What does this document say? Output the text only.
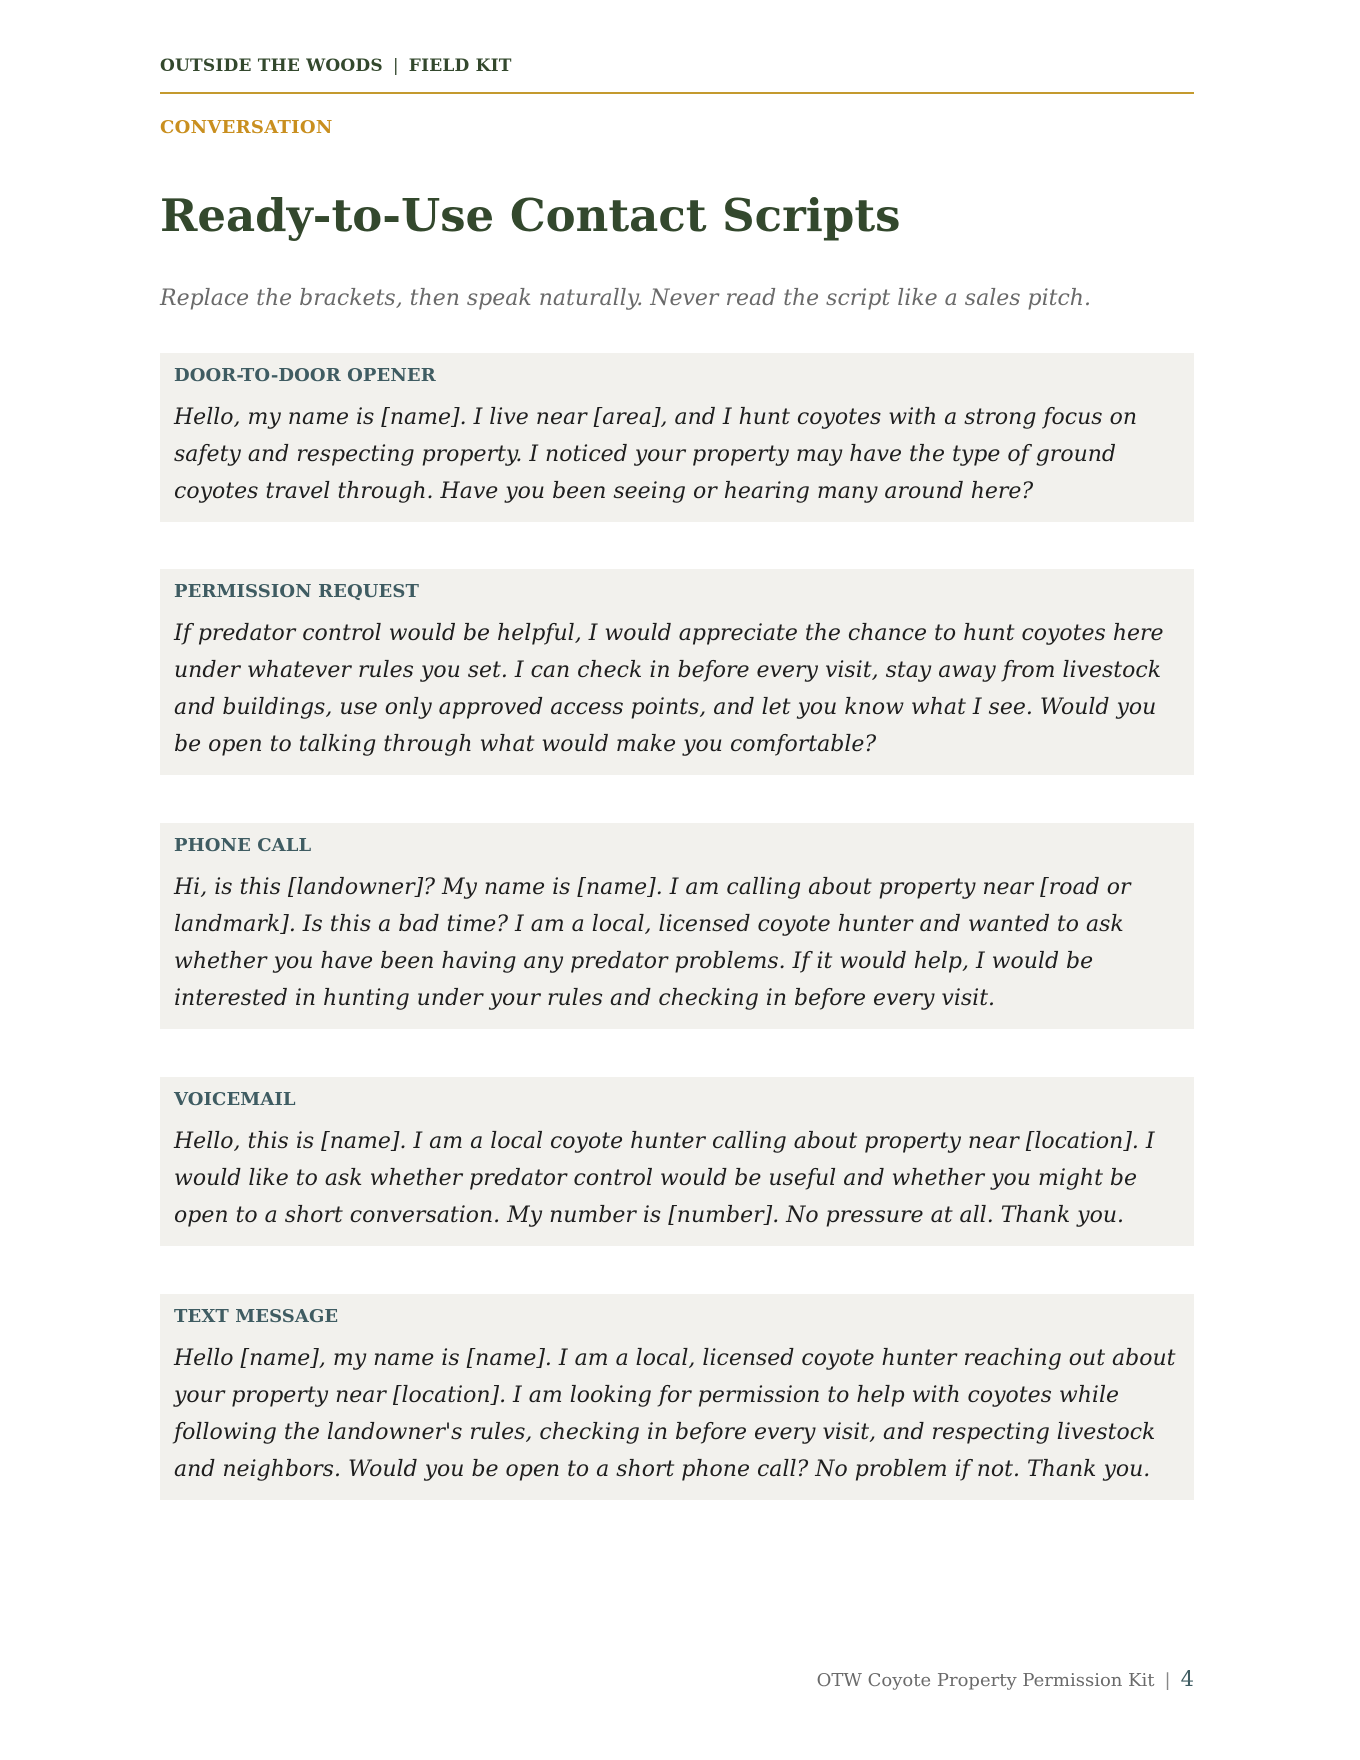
OUTSIDE THE WOODS | FIELD KIT
CONVERSATION
Ready-to-Use Contact Scripts

Replace the brackets, then speak naturally. Never read the script like a sales pitch.

DOOR-TO-DOOR OPENER
Hello, my name is [name]. I live near [area], and I hunt coyotes with a strong focus on safety and respecting property. I noticed your property may have the type of ground coyotes travel through. Have you been seeing or hearing many around here?
PERMISSION REQUEST
If predator control would be helpful, I would appreciate the chance to hunt coyotes here under whatever rules you set. I can check in before every visit, stay away from livestock and buildings, use only approved access points, and let you know what I see. Would you be open to talking through what would make you comfortable?
PHONE CALL
Hi, is this [landowner]? My name is [name]. I am calling about property near [road or landmark]. Is this a bad time? I am a local, licensed coyote hunter and wanted to ask whether you have been having any predator problems. If it would help, I would be interested in hunting under your rules and checking in before every visit.
VOICEMAIL
Hello, this is [name]. I am a local coyote hunter calling about property near [location]. I would like to ask whether predator control would be useful and whether you might be open to a short conversation. My number is [number]. No pressure at all. Thank you.
TEXT MESSAGE
Hello [name], my name is [name]. I am a local, licensed coyote hunter reaching out about your property near [location]. I am looking for permission to help with coyotes while following the landowner's rules, checking in before every visit, and respecting livestock and neighbors. Would you be open to a short phone call? No problem if not. Thank you.
OTW Coyote Property Permission Kit | 4
